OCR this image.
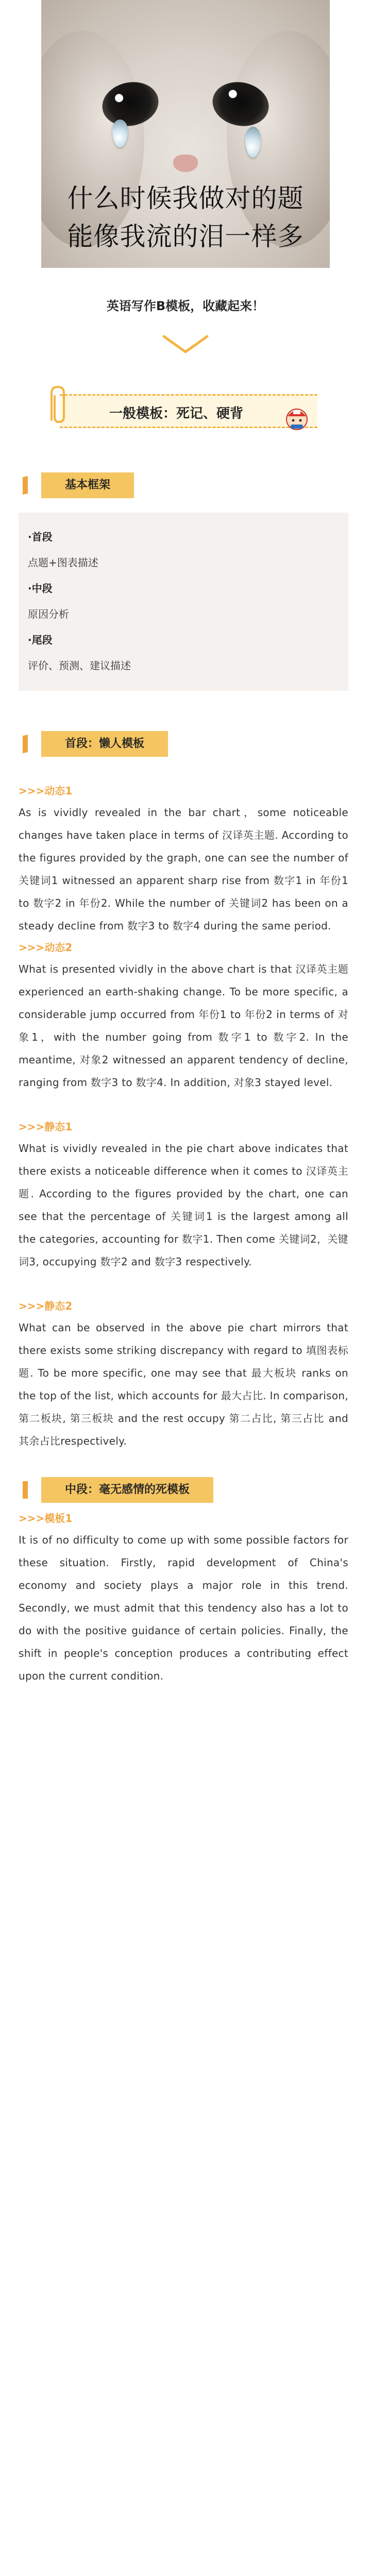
什么时候我做对的题
能像我流的泪一样多
英语写作B模板，收藏起来！
一般模板：死记、硬背
基本框架
·首段
点题+图表描述
·中段
原因分析
·尾段
评价、预测、建议描述
首段：懒人模板
>>>动态1
As is vividly revealed in the bar chart，some noticeable changes have taken place in terms of 汉译英主题. According to the figures provided by the graph, one can see the number of 关键词1 witnessed an apparent sharp rise from 数字1 in 年份1 to 数字2 in 年份2. While the number of 关键词2 has been on a steady decline from 数字3 to 数字4 during the same period.
>>>动态2
What is presented vividly in the above chart is that 汉译英主题 experienced an earth-shaking change. To be more specific, a considerable jump occurred from 年份1 to 年份2 in terms of 对象1，with the number going from 数字1 to 数字2. In the meantime, 对象2 witnessed an apparent tendency of decline, ranging from 数字3 to 数字4. In addition, 对象3 stayed level.
>>>静态1
What is vividly revealed in the pie chart above indicates that there exists a noticeable difference when it comes to 汉译英主题. According to the figures provided by the chart, one can see that the percentage of 关键词1 is the largest among all the categories, accounting for 数字1. Then come 关键词2，关键词3, occupying 数字2 and 数字3 respectively.
>>>静态2
What can be observed in the above pie chart mirrors that there exists some striking discrepancy with regard to 填图表标题. To be more specific, one may see that 最大板块 ranks on the top of the list, which accounts for 最大占比. In comparison, 第二板块, 第三板块 and the rest occupy 第二占比, 第三占比 and 其余占比respectively.
中段：毫无感情的死模板
>>>模板1
It is of no difficulty to come up with some possible factors for these situation. Firstly, rapid development of China's economy and society plays a major role in this trend. Secondly, we must admit that this tendency also has a lot to do with the positive guidance of certain policies. Finally, the shift in people's conception produces a contributing effect upon the current condition.
